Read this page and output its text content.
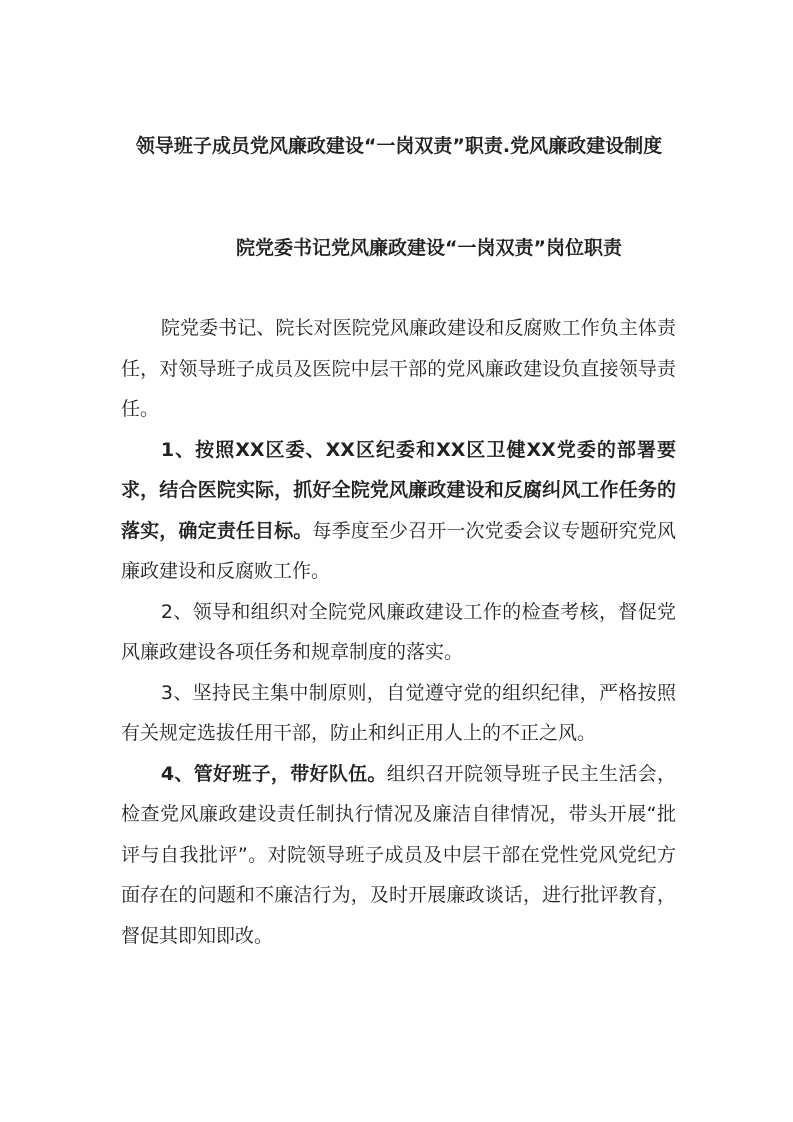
领导班子成员党风廉政建设“一岗双责”职责.党风廉政建设制度
院党委书记党风廉政建设“一岗双责”岗位职责

院党委书记、院长对医院党风廉政建设和反腐败工作负主体责任，对领导班子成员及医院中层干部的党风廉政建设负直接领导责任。

1、按照XX区委、XX区纪委和XX区卫健XX党委的部署要求，结合医院实际，抓好全院党风廉政建设和反腐纠风工作任务的落实，确定责任目标。每季度至少召开一次党委会议专题研究党风廉政建设和反腐败工作。

2、领导和组织对全院党风廉政建设工作的检查考核，督促党风廉政建设各项任务和规章制度的落实。

3、坚持民主集中制原则，自觉遵守党的组织纪律，严格按照有关规定选拔任用干部，防止和纠正用人上的不正之风。

4、管好班子，带好队伍。组织召开院领导班子民主生活会，检查党风廉政建设责任制执行情况及廉洁自律情况，带头开展“批评与自我批评”。对院领导班子成员及中层干部在党性党风党纪方面存在的问题和不廉洁行为，及时开展廉政谈话，进行批评教育，督促其即知即改。
